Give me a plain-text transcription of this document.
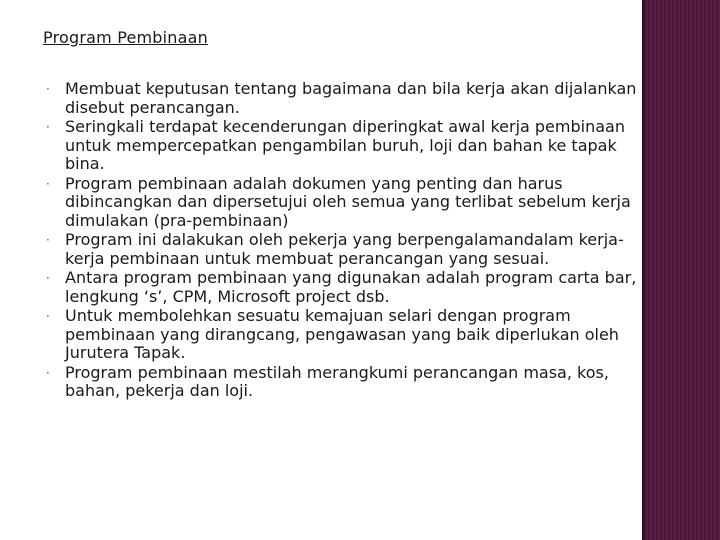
Program Pembinaan
· Membuat keputusan tentang bagaimana dan bila kerja akan dijalankan disebut perancangan.
· Seringkali terdapat kecenderungan diperingkat awal kerja pembinaan untuk mempercepatkan pengambilan buruh, loji dan bahan ke tapak bina.
· Program pembinaan adalah dokumen yang penting dan harus dibincangkan dan dipersetujui oleh semua yang terlibat sebelum kerja dimulakan (pra-pembinaan)
· Program ini dalakukan oleh pekerja yang berpengalamandalam kerja-kerja pembinaan untuk membuat perancangan yang sesuai.
· Antara program pembinaan yang digunakan adalah program carta bar, lengkung ‘s’, CPM, Microsoft project dsb.
· Untuk membolehkan sesuatu kemajuan selari dengan program pembinaan yang dirangcang, pengawasan yang baik diperlukan oleh Jurutera Tapak.
· Program pembinaan mestilah merangkumi perancangan masa, kos, bahan, pekerja dan loji.
